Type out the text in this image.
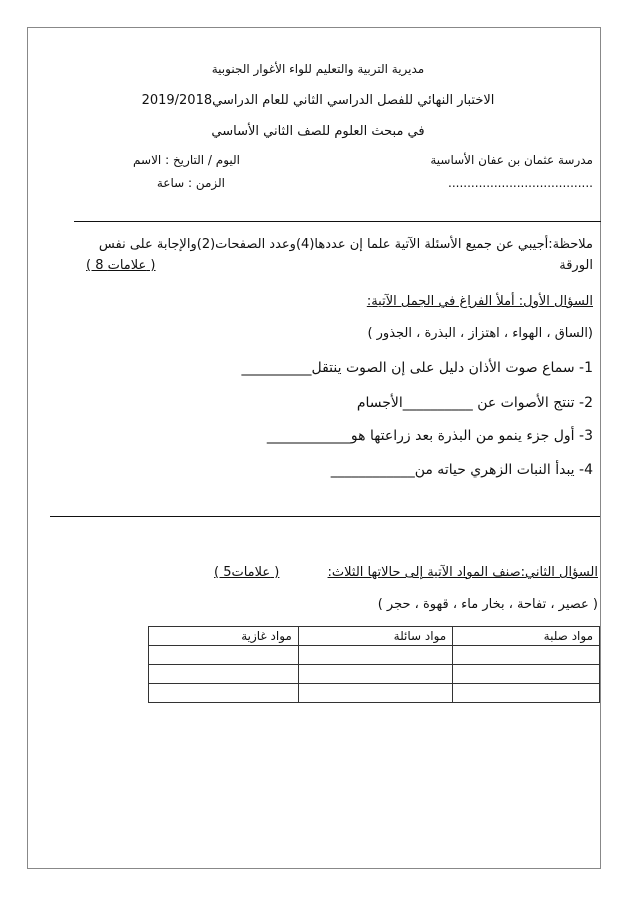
مديرية التربية والتعليم للواء الأغوار الجنوبية
الاختبار النهائي للفصل الدراسي الثاني للعام الدراسي2019/2018
في مبحث العلوم للصف الثاني الأساسي
مدرسة عثمان بن عفان الأساسية
......................................
اليوم / التاريخ : الاسم
الزمن : ساعة
ملاحظة:أجيبي عن جميع الأسئلة الآتية علما إن عددها(4)وعدد الصفحات(2)والإجابة على نفس
الورقة
( 8 علامات )
السؤال الأول: أملأ الفراغ في الجمل الآتية:
(الساق ، الهواء ، اهتزاز ، البذرة ، الجذور )
1- سماع صوت الأذان دليل على إن الصوت ينتقل__________
2- تنتج الأصوات عن __________الأجسام
3- أول جزء ينمو من البذرة بعد زراعتها هو____________
4- يبدأ النبات الزهري حياته من____________
السؤال الثاني:صنف المواد الآتية إلى حالاتها الثلاث:
( 5علامات )
( عصير ، تفاحة ، بخار ماء ، قهوة ، حجر )
مواد صلبة	مواد سائلة	مواد غازية
